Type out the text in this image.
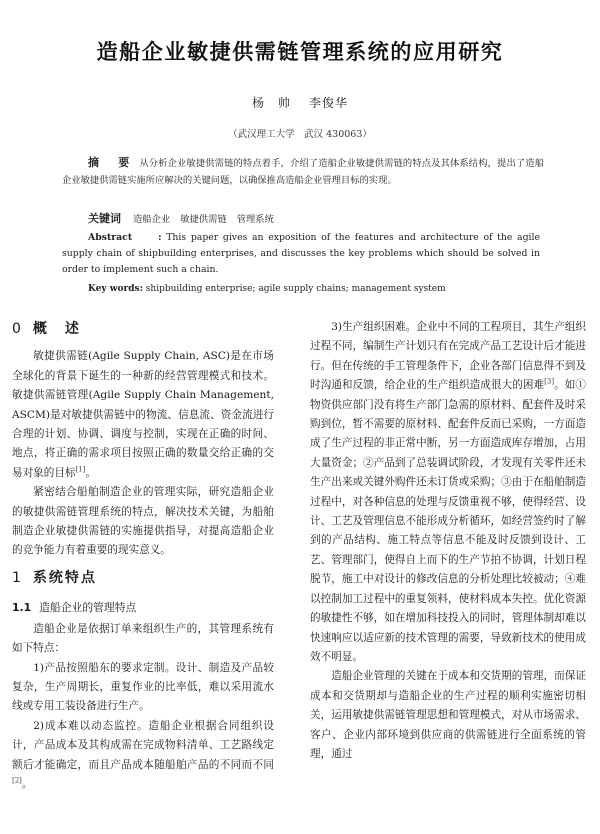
造船企业敏捷供需链管理系统的应用研究
杨　帅 李俊华
（武汉理工大学　武汉 430063）
摘　要 从分析企业敏捷供需链的特点着手，介绍了造船企业敏捷供需链的特点及其体系结构，提出了造船企业敏捷供需链实施所应解决的关键问题，以确保推高造船企业管理目标的实现。
关键词 造船企业 敏捷供需链 管理系统
Abstract	: This paper gives an exposition of the features and architecture of the agile supply chain of shipbuilding enterprises, and discusses the key problems which should be solved in order to implement such a chain.
Key words: shipbuilding enterprise; agile supply chains; management system
0 概　述

敏捷供需链(Agile Supply Chain, ASC)是在市场全球化的背景下诞生的一种新的经营管理模式和技术。敏捷供需链管理(Agile Supply Chain Management, ASCM)是对敏捷供需链中的物流、信息流、资金流进行合理的计划、协调、调度与控制，实现在正确的时间、地点，将正确的需求项目按照正确的数量交给正确的交易对象的目标[1]。

紧密结合船舶制造企业的管理实际，研究造船企业的敏捷供需链管理系统的特点，解决技术关键，为船舶制造企业敏捷供需链的实施提供指导，对提高造船企业的竞争能力有着重要的现实意义。

1 系统特点
1.1 造船企业的管理特点

造船企业是依据订单来组织生产的，其管理系统有如下特点：

1)产品按照船东的要求定制。设计、制造及产品较复杂，生产周期长，重复作业的比率低，难以采用流水线或专用工装设备进行生产。

2)成本难以动态监控。造船企业根据合同组织设计，产品成本及其构成需在完成物料清单、工艺路线定额后才能确定，而且产品成本随船舶产品的不同而不同[2]。

3)生产组织困难。企业中不同的工程项目，其生产组织过程不同，编制生产计划只有在完成产品工艺设计后才能进行。但在传统的手工管理条件下，企业各部门信息得不到及时沟通和反馈，给企业的生产组织造成很大的困难[3]。如①物资供应部门没有将生产部门急需的原材料、配套件及时采购到位，暂不需要的原材料、配套件反而已采购，一方面造成了生产过程的非正常中断，另一方面造成库存增加，占用大量资金；②产品到了总装调试阶段，才发现有关零件还未生产出来或关键外购件还未订货或采购；③由于在船舶制造过程中，对各种信息的处理与反馈重视不够，使得经营、设计、工艺及管理信息不能形成分析循环，如经营签约时了解到的产品结构、施工特点等信息不能及时反馈到设计、工艺、管理部门，使得自上而下的生产节拍不协调，计划日程脱节，施工中对设计的修改信息的分析处理比较被动；④难以控制加工过程中的重复领料，使材料成本失控。优化资源的敏捷性不够，如在增加科技投入的同时，管理体制却难以快速响应以适应新的技术管理的需要，导致新技术的使用成效不明显。

造船企业管理的关键在于成本和交货期的管理，而保证成本和交货期却与造船企业的生产过程的顺利实施密切相关，运用敏捷供需链管理思想和管理模式，对从市场需求、客户、企业内部环境到供应商的供需链进行全面系统的管理，通过
